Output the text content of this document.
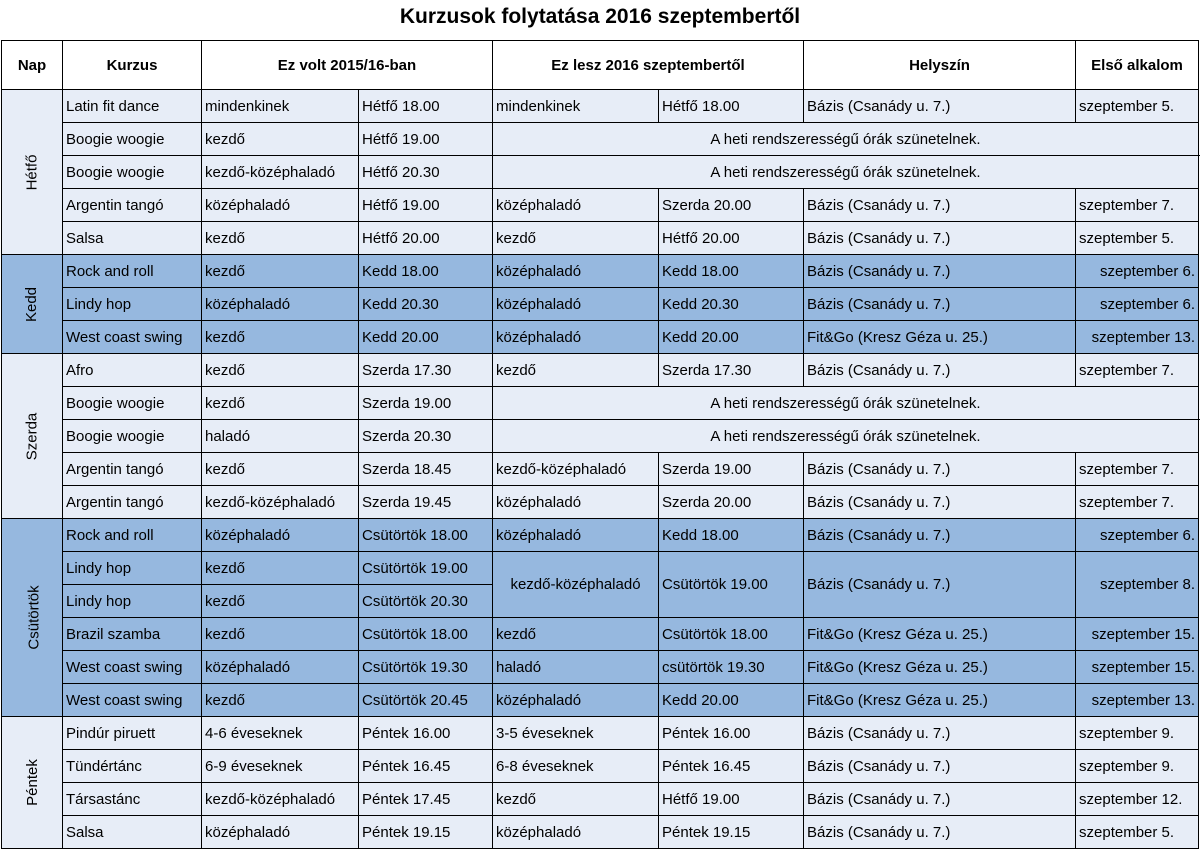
Kurzusok folytatása 2016 szeptembertől
Nap	Kurzus	Ez volt 2015/16-ban		Ez lesz 2016 szeptembertől		Helyszín	Első alkalom
Hétfő	Latin fit dance	mindenkinek	Hétfő 18.00	mindenkinek	Hétfő 18.00	Bázis (Csanády u. 7.)	szeptember 5.
	Boogie woogie	kezdő	Hétfő 19.00	A heti rendszerességű órák szünetelnek.			
	Boogie woogie	kezdő-középhaladó	Hétfő 20.30	A heti rendszerességű órák szünetelnek.			
	Argentin tangó	középhaladó	Hétfő 19.00	középhaladó	Szerda 20.00	Bázis (Csanády u. 7.)	szeptember 7.
	Salsa	kezdő	Hétfő 20.00	kezdő	Hétfő 20.00	Bázis (Csanády u. 7.)	szeptember 5.
Kedd	Rock and roll	kezdő	Kedd 18.00	középhaladó	Kedd 18.00	Bázis (Csanády u. 7.)	szeptember 6.
	Lindy hop	középhaladó	Kedd 20.30	középhaladó	Kedd 20.30	Bázis (Csanády u. 7.)	szeptember 6.
	West coast swing	kezdő	Kedd 20.00	középhaladó	Kedd 20.00	Fit&Go (Kresz Géza u. 25.)	szeptember 13.
Szerda	Afro	kezdő	Szerda 17.30	kezdő	Szerda 17.30	Bázis (Csanády u. 7.)	szeptember 7.
	Boogie woogie	kezdő	Szerda 19.00	A heti rendszerességű órák szünetelnek.			
	Boogie woogie	haladó	Szerda 20.30	A heti rendszerességű órák szünetelnek.			
	Argentin tangó	kezdő	Szerda 18.45	kezdő-középhaladó	Szerda 19.00	Bázis (Csanády u. 7.)	szeptember 7.
	Argentin tangó	kezdő-középhaladó	Szerda 19.45	középhaladó	Szerda 20.00	Bázis (Csanády u. 7.)	szeptember 7.
Csütörtök	Rock and roll	középhaladó	Csütörtök 18.00	középhaladó	Kedd 18.00	Bázis (Csanády u. 7.)	szeptember 6.
	Lindy hop	kezdő	Csütörtök 19.00	kezdő-középhaladó	Csütörtök 19.00	Bázis (Csanády u. 7.)	szeptember 8.
	Lindy hop	kezdő	Csütörtök 20.30				
	Brazil szamba	kezdő	Csütörtök 18.00	kezdő	Csütörtök 18.00	Fit&Go (Kresz Géza u. 25.)	szeptember 15.
	West coast swing	középhaladó	Csütörtök 19.30	haladó	csütörtök 19.30	Fit&Go (Kresz Géza u. 25.)	szeptember 15.
	West coast swing	kezdő	Csütörtök 20.45	középhaladó	Kedd 20.00	Fit&Go (Kresz Géza u. 25.)	szeptember 13.
Péntek	Pindúr piruett	4-6 éveseknek	Péntek 16.00	3-5 éveseknek	Péntek 16.00	Bázis (Csanády u. 7.)	szeptember 9.
	Tündértánc	6-9 éveseknek	Péntek 16.45	6-8 éveseknek	Péntek 16.45	Bázis (Csanády u. 7.)	szeptember 9.
	Társastánc	kezdő-középhaladó	Péntek 17.45	kezdő	Hétfő 19.00	Bázis (Csanády u. 7.)	szeptember 12.
	Salsa	középhaladó	Péntek 19.15	középhaladó	Péntek 19.15	Bázis (Csanády u. 7.)	szeptember 5.
